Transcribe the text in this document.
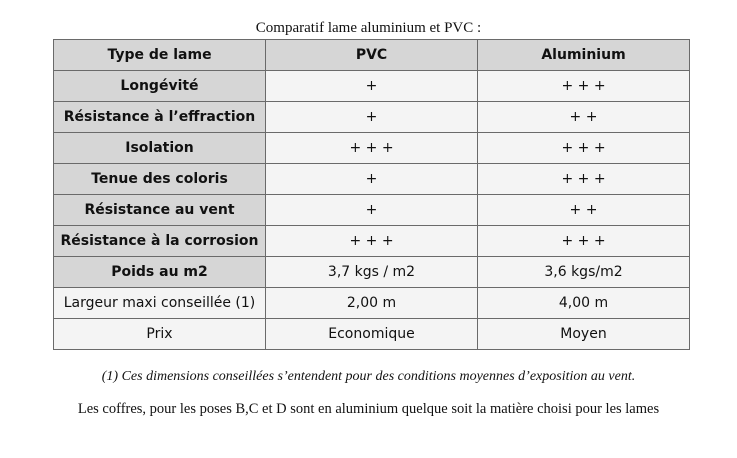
Comparatif lame aluminium et PVC :
Type de lame	PVC	Aluminium
Longévité	+	+ + +
Résistance à l’effraction	+	+ +
Isolation	+ + +	+ + +
Tenue des coloris	+	+ + +
Résistance au vent	+	+ +
Résistance à la corrosion	+ + +	+ + +
Poids au m2	3,7 kgs / m2	3,6 kgs/m2
Largeur maxi conseillée (1)	2,00 m	4,00 m
Prix	Economique	Moyen
(1) Ces dimensions conseillées s’entendent pour des conditions moyennes d’exposition au vent.
Les coffres, pour les poses B,C et D sont en aluminium quelque soit la matière choisi pour les lames
